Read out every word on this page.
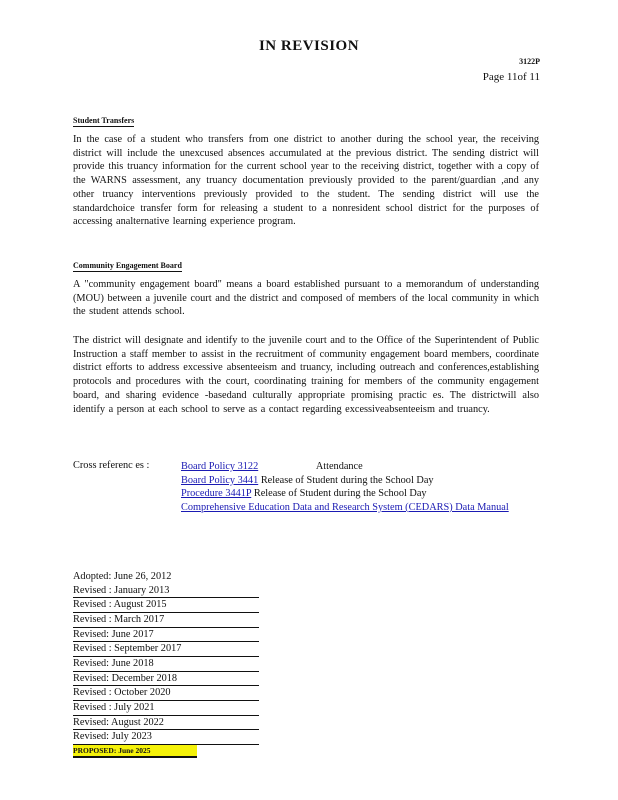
IN REVISION
3122P
Page 11of 11
Student Transfers
In the case of a student who transfers from one district to another during the school year, the receiving district will include the unexcused absences accumulated at the previous district. The sending district will provide this truancy information for the current school year to the receiving district, together with a copy of the WARNS assessment, any truancy documentation previously provided to the parent/guardian ,and any other truancy interventions previously provided to the student. The sending district will use the standardchoice transfer form for releasing a student to a nonresident school district for the purposes of accessing analternative learning experience program.
Community Engagement Board
A "community engagement board" means a board established pursuant to a memorandum of understanding (MOU) between a juvenile court and the district and composed of members of the local community in which the student attends school.
The district will designate and identify to the juvenile court and to the Office of the Superintendent of Public Instruction a staff member to assist in the recruitment of community engagement board members, coordinate district efforts to address excessive absenteeism and truancy, including outreach and conferences,establishing protocols and procedures with the court, coordinating training for members of the community engagement board, and sharing evidence -basedand culturally appropriate promising practic es. The districtwill also identify a person at each school to serve as a contact regarding excessiveabsenteeism and truancy.
Cross referenc es :	Board Policy 3122	Attendance
Board Policy 3441 Release of Student during the School Day
Procedure 3441P Release of Student during the School Day
Comprehensive Education Data and Research System (CEDARS) Data Manual
Adopted: June 26, 2012
Revised : January 2013
Revised : August 2015
Revised : March 2017
Revised: June 2017
Revised : September 2017
Revised: June 2018
Revised: December 2018
Revised : October 2020
Revised : July 2021
Revised: August 2022
Revised: July 2023
PROPOSED: June 2025
